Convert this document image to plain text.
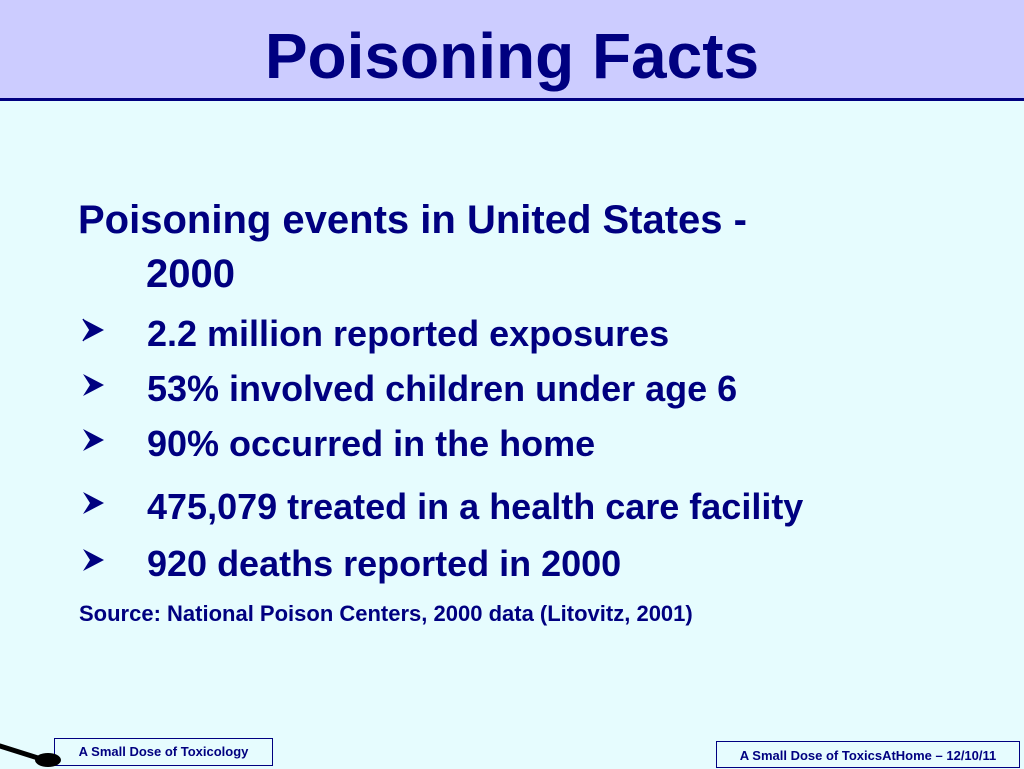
Poisoning Facts
Poisoning events in United States -
2000
2.2 million reported exposures
53% involved children under age 6
90% occurred in the home
475,079 treated in a health care facility
920 deaths reported in 2000
Source: National Poison Centers, 2000 data (Litovitz, 2001)
A Small Dose of Toxicology	A Small Dose of ToxicsAtHome – 12/10/11
